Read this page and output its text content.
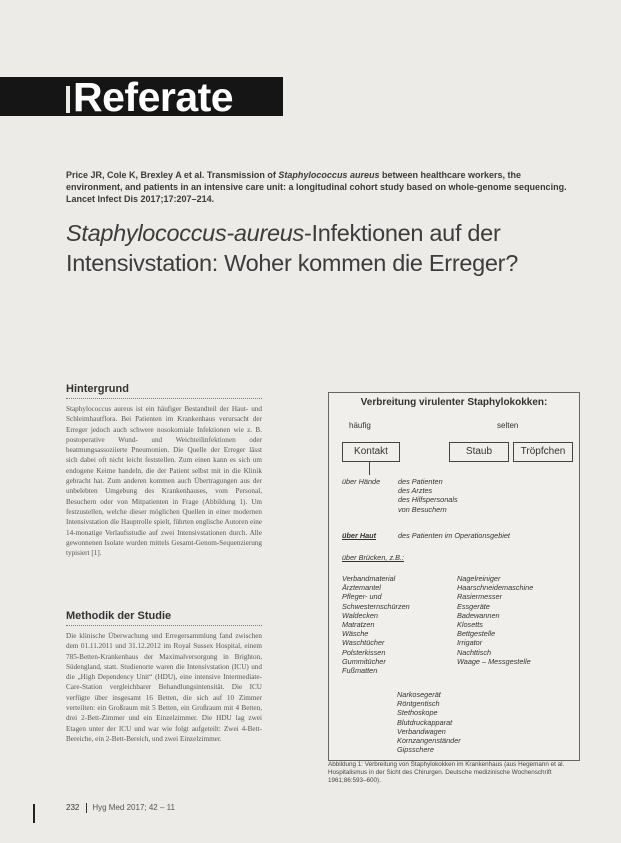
Referate
Price JR, Cole K, Brexley A et al. Transmission of Staphylococcus aureus between healthcare workers, the environment, and patients in an intensive care unit: a longitudinal cohort study based on whole-genome sequencing. Lancet Infect Dis 2017;17:207–214.
Staphylococcus-aureus-Infektionen auf der Intensivstation: Woher kommen die Erreger?
Hintergrund

Staphylococcus aureus ist ein häufiger Bestandteil der Haut- und Schleimhautflora. Bei Patienten im Krankenhaus verursacht der Erreger jedoch auch schwere nosokomiale Infektionen wie z. B. postoperative Wund- und Weichteilinfektionen oder beatmungsassoziierte Pneumonien. Die Quelle der Erreger lässt sich dabei oft nicht leicht feststellen. Zum einen kann es sich um endogene Keime handeln, die der Patient selbst mit in die Klinik gebracht hat. Zum anderen kommen auch Übertragungen aus der unbelebten Umgebung des Krankenhauses, vom Personal, Besuchern oder von Mitpatienten in Frage (Abbildung 1). Um festzustellen, welche dieser möglichen Quellen in einer modernen Intensivstation die Hauptrolle spielt, führten englische Autoren eine 14-monatige Verlaufsstudie auf zwei Intensivstationen durch. Alle gewonnenen Isolate wurden mittels Gesamt-Genom-Sequenzierung typisiert [1].

Methodik der Studie

Die klinische Überwachung und Erregersammlung fand zwischen dem 01.11.2011 und 31.12.2012 im Royal Sussex Hospital, einem 785-Betten-Krankenhaus der Maximalversorgung in Brighton, Südengland, statt. Studienorte waren die Intensivstation (ICU) und die „High Dependency Unit“ (HDU), eine intensive Intermediate-Care-Station vergleichbarer Behandlungsintensität. Die ICU verfügte über insgesamt 16 Betten, die sich auf 10 Zimmer verteilten: ein Großraum mit 5 Betten, ein Großraum mit 4 Betten, drei 2-Bett-Zimmer und ein Einzelzimmer. Die HDU lag zwei Etagen unter der ICU und war wie folgt aufgeteilt: Zwei 4-Bett-Bereiche, ein 2-Bett-Bereich, und zwei Einzelzimmer.

Verbreitung virulenter Staphylokokken:
häufig	selten
Kontakt	Staub	Tröpfchen
über Hände des Patienten
des Arztes
des Hilfspersonals
von Besuchern
über Haut	des Patienten im Operationsgebiet
über Brücken, z.B.:
Verbandmaterial
Ärztemantel
Pfleger- und
Schwesternschürzen
Waldecken
Matratzen
Wäsche
Waschtücher
Polsterkissen
Gummitücher
Fußmatten
Nagelreiniger
Haarschneidemaschine
Rasiermesser
Essgeräte
Badewannen
Klosetts
Bettgestelle
Irrigator
Nachttisch
Waage – Messgestelle
Narkosegerät
Röntgentisch
Stethoskope
Blutdruckapparat
Verbandwagen
Kornzangenständer
Gipsschere
Abbildung 1: Verbreitung von Staphylokokken im Krankenhaus (aus Hegemann et al. Hospitalismus in der Sicht des Chirurgen. Deutsche medizinische Wochenschrift 1961;86:593–600).
232 Hyg Med 2017; 42 – 11
